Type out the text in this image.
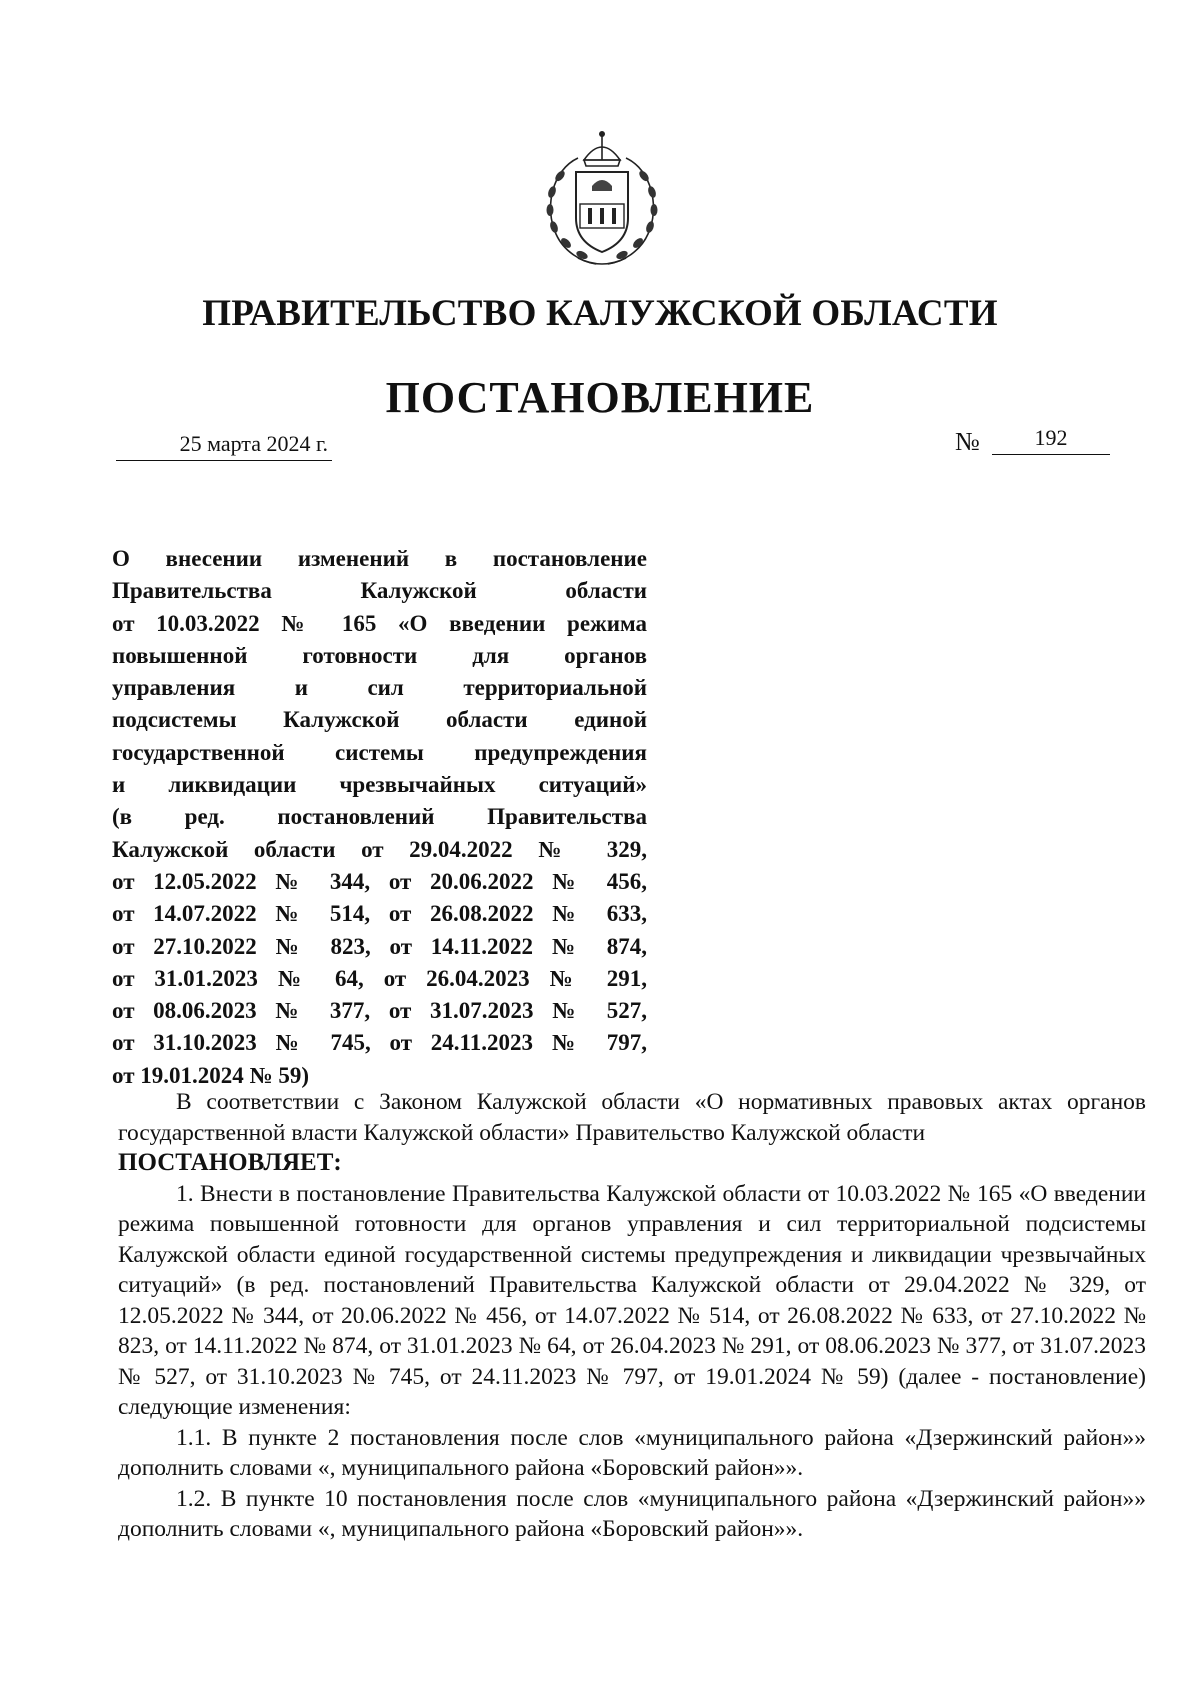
ПРАВИТЕЛЬСТВО КАЛУЖСКОЙ ОБЛАСТИ
ПОСТАНОВЛЕНИЕ
25 марта 2024 г.	№	192
О внесении изменений в постановление
Правительства Калужской области
от 10.03.2022 № 165 «О введении режима
повышенной готовности для органов
управления и сил территориальной
подсистемы Калужской области единой
государственной системы предупреждения
и ликвидации чрезвычайных ситуаций»
(в ред. постановлений Правительства
Калужской области от 29.04.2022 № 329,
от 12.05.2022 № 344, от 20.06.2022 № 456,
от 14.07.2022 № 514, от 26.08.2022 № 633,
от 27.10.2022 № 823, от 14.11.2022 № 874,
от 31.01.2023 № 64, от 26.04.2023 № 291,
от 08.06.2023 № 377, от 31.07.2023 № 527,
от 31.10.2023 № 745, от 24.11.2023 № 797,
от 19.01.2024 № 59)

В соответствии с Законом Калужской области «О нормативных правовых актах органов государственной власти Калужской области» Правительство Калужской области

ПОСТАНОВЛЯЕТ:

1. Внести в постановление Правительства Калужской области от 10.03.2022 № 165 «О введении режима повышенной готовности для органов управления и сил территориальной подсистемы Калужской области единой государственной системы предупреждения и ликвидации чрезвычайных ситуаций» (в ред. постановлений Правительства Калужской области от 29.04.2022 № 329, от 12.05.2022 № 344, от 20.06.2022 № 456, от 14.07.2022 № 514, от 26.08.2022 № 633, от 27.10.2022 № 823, от 14.11.2022 № 874, от 31.01.2023 № 64, от 26.04.2023 № 291, от 08.06.2023 № 377, от 31.07.2023 № 527, от 31.10.2023 № 745, от 24.11.2023 № 797, от 19.01.2024 № 59) (далее - постановление) следующие изменения:

1.1. В пункте 2 постановления после слов «муниципального района «Дзержинский район»» дополнить словами «, муниципального района «Боровский район»».

1.2. В пункте 10 постановления после слов «муниципального района «Дзержинский район»» дополнить словами «, муниципального района «Боровский район»».
